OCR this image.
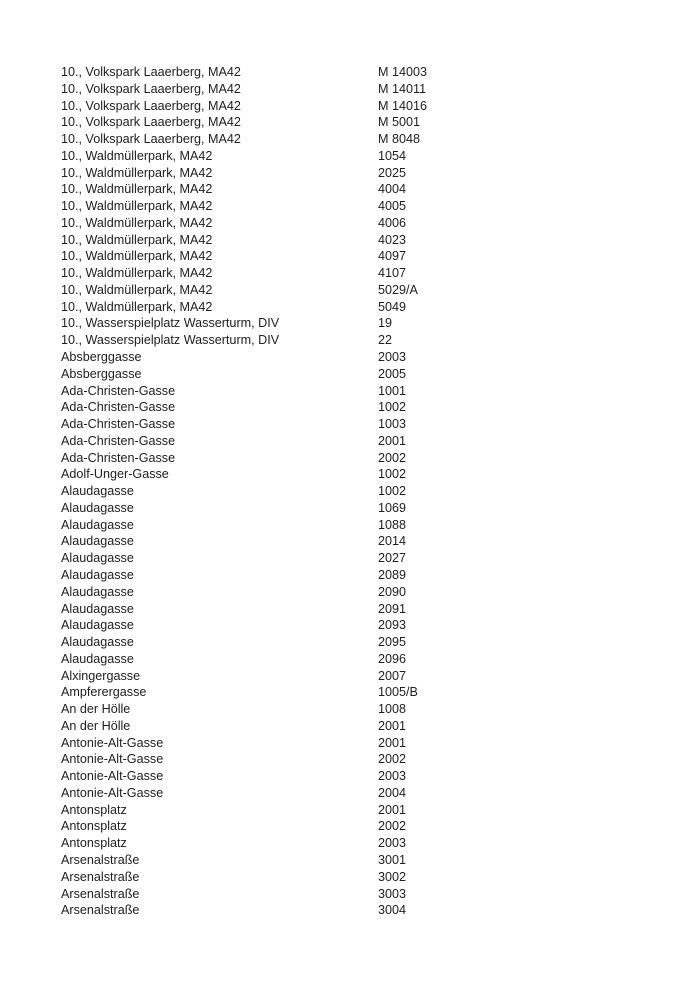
10., Volkspark Laaerberg, MA42	M 14003
10., Volkspark Laaerberg, MA42	M 14011
10., Volkspark Laaerberg, MA42	M 14016
10., Volkspark Laaerberg, MA42	M 5001
10., Volkspark Laaerberg, MA42	M 8048
10., Waldmüllerpark, MA42	1054
10., Waldmüllerpark, MA42	2025
10., Waldmüllerpark, MA42	4004
10., Waldmüllerpark, MA42	4005
10., Waldmüllerpark, MA42	4006
10., Waldmüllerpark, MA42	4023
10., Waldmüllerpark, MA42	4097
10., Waldmüllerpark, MA42	4107
10., Waldmüllerpark, MA42	5029/A
10., Waldmüllerpark, MA42	5049
10., Wasserspielplatz Wasserturm, DIV	19
10., Wasserspielplatz Wasserturm, DIV	22
Absberggasse	2003
Absberggasse	2005
Ada-Christen-Gasse	1001
Ada-Christen-Gasse	1002
Ada-Christen-Gasse	1003
Ada-Christen-Gasse	2001
Ada-Christen-Gasse	2002
Adolf-Unger-Gasse	1002
Alaudagasse	1002
Alaudagasse	1069
Alaudagasse	1088
Alaudagasse	2014
Alaudagasse	2027
Alaudagasse	2089
Alaudagasse	2090
Alaudagasse	2091
Alaudagasse	2093
Alaudagasse	2095
Alaudagasse	2096
Alxingergasse	2007
Ampferergasse	1005/B
An der Hölle	1008
An der Hölle	2001
Antonie-Alt-Gasse	2001
Antonie-Alt-Gasse	2002
Antonie-Alt-Gasse	2003
Antonie-Alt-Gasse	2004
Antonsplatz	2001
Antonsplatz	2002
Antonsplatz	2003
Arsenalstraße	3001
Arsenalstraße	3002
Arsenalstraße	3003
Arsenalstraße	3004
